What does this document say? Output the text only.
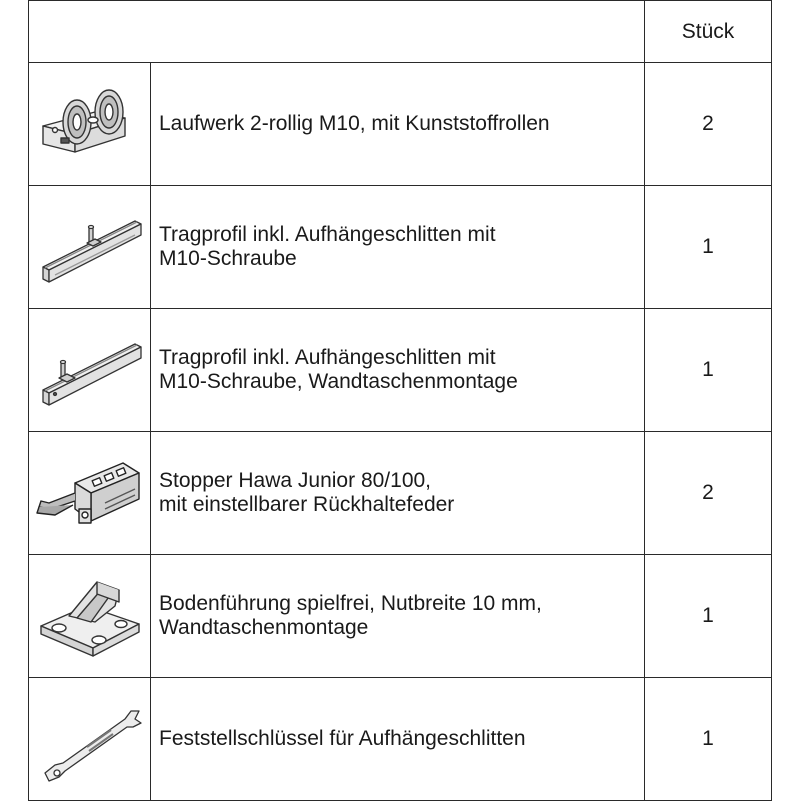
		Stück

Laufwerk 2-rollig M10, mit Kunststoffrollen	2

Tragprofil inkl. Aufhängeschlitten mit
M10-Schraube	1

Tragprofil inkl. Aufhängeschlitten mit
M10-Schraube, Wandtaschenmontage	1

Stopper Hawa Junior 80/100,
mit einstellbarer Rückhaltefeder	2

Bodenführung spielfrei, Nutbreite 10 mm,
Wandtaschenmontage	1

Feststellschlüssel für Aufhängeschlitten	1
